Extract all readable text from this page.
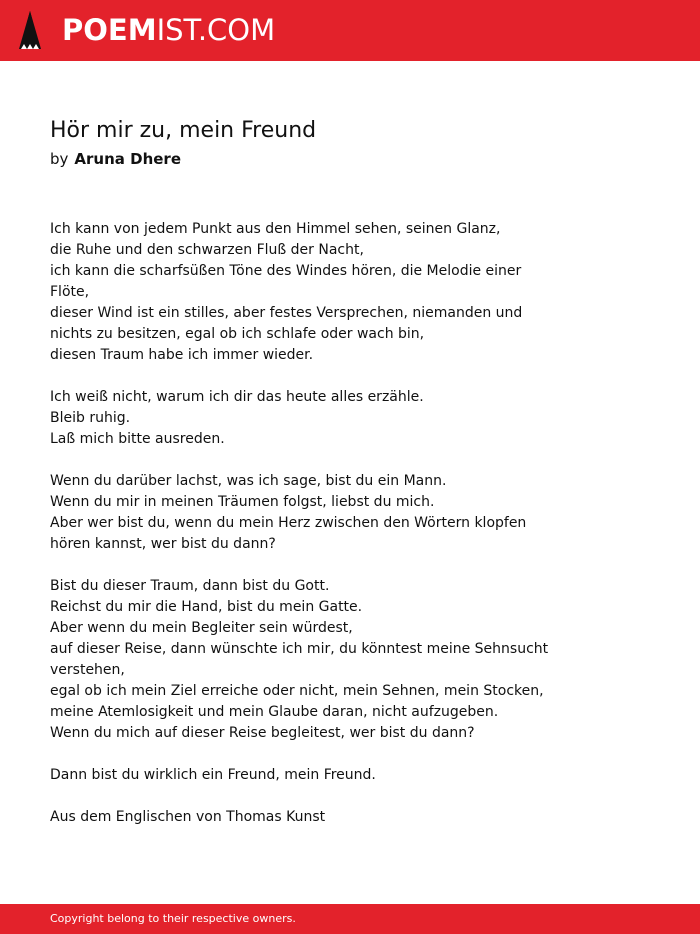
POEMIST.COM
Hör mir zu, mein Freund
by Aruna Dhere

Ich kann von jedem Punkt aus den Himmel sehen, seinen Glanz,
die Ruhe und den schwarzen Fluß der Nacht,
ich kann die scharfsüßen Töne des Windes hören, die Melodie einer Flöte,
dieser Wind ist ein stilles, aber festes Versprechen, niemanden und nichts zu besitzen, egal ob ich schlafe oder wach bin,
diesen Traum habe ich immer wieder.

Ich weiß nicht, warum ich dir das heute alles erzähle.
Bleib ruhig.
Laß mich bitte ausreden.

Wenn du darüber lachst, was ich sage, bist du ein Mann.
Wenn du mir in meinen Träumen folgst, liebst du mich.
Aber wer bist du, wenn du mein Herz zwischen den Wörtern klopfen hören kannst, wer bist du dann?

Bist du dieser Traum, dann bist du Gott.
Reichst du mir die Hand, bist du mein Gatte.
Aber wenn du mein Begleiter sein würdest,
auf dieser Reise, dann wünschte ich mir, du könntest meine Sehnsucht verstehen,
egal ob ich mein Ziel erreiche oder nicht, mein Sehnen, mein Stocken,
meine Atemlosigkeit und mein Glaube daran, nicht aufzugeben.
Wenn du mich auf dieser Reise begleitest, wer bist du dann?

Dann bist du wirklich ein Freund, mein Freund.

Aus dem Englischen von Thomas Kunst

Copyright belong to their respective owners.
